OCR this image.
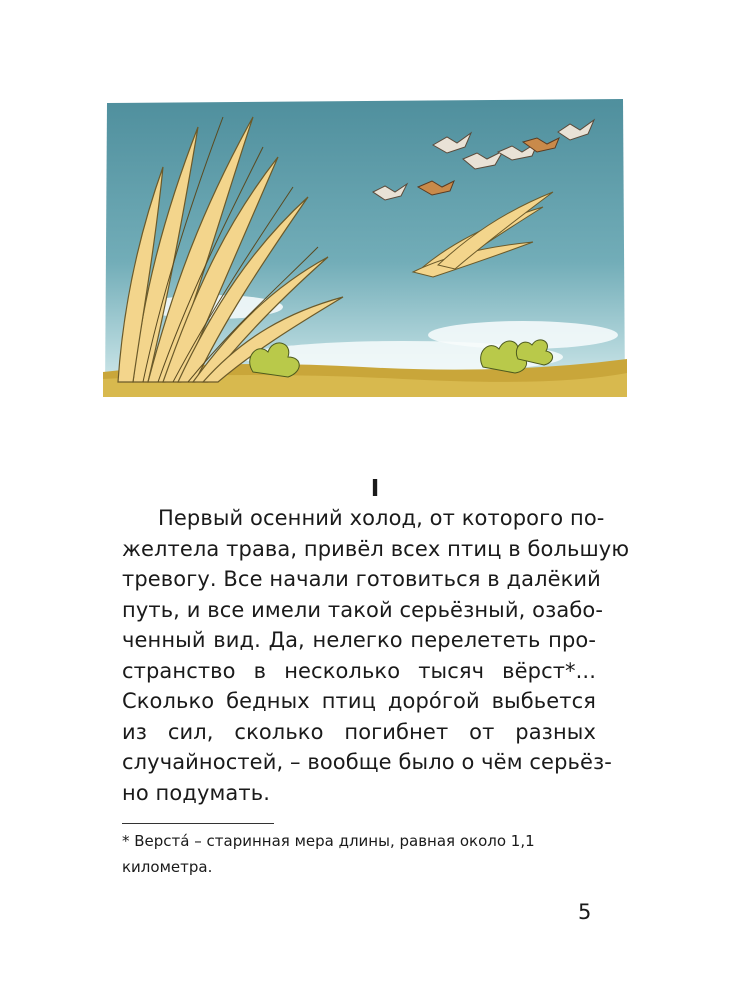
I
Первый осенний холод, от которого по-
желтела трава, привёл всех птиц в большую
тревогу. Все начали готовиться в далёкий
путь, и все имели такой серьёзный, озабо-
ченный вид. Да, нелегко перелететь про-
странство в несколько тысяч вёрст*...
Сколько бедных птиц доро́гой выбьется
из сил, сколько погибнет от разных
случайностей, – вообще было о чём серьёз-
но подумать.
* Верста́ – старинная мера длины, равная около 1,1
километра.
5
